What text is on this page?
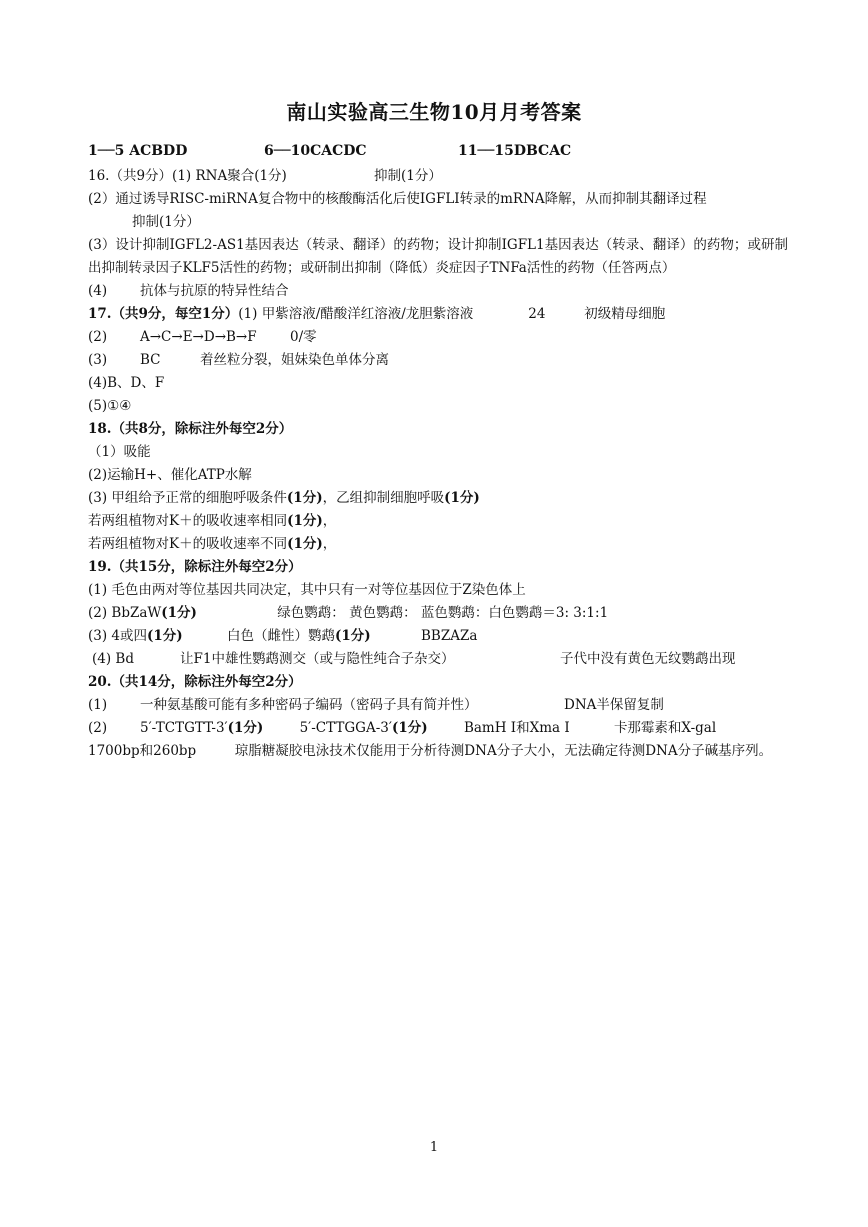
南山实验高三生物10月月考答案
1──5 ACBDD	6──10CACDC	11──15DBCAC
16.（共9分）(1) RNA聚合(1分)	抑制(1分）
(2）通过诱导RISC-miRNA复合物中的核酸酶活化后使IGFLI转录的mRNA降解，从而抑制其翻译过程
抑制(1分）
(3）设计抑制IGFL2-AS1基因表达（转录、翻译）的药物；设计抑制IGFL1基因表达（转录、翻译）的药物；或研制出抑制转录因子KLF5活性的药物；或研制出抑制（降低）炎症因子TNFa活性的药物（任答两点）
(4) 抗体与抗原的特异性结合
17.（共9分，每空1分）(1) 甲紫溶液/醋酸洋红溶液/龙胆紫溶液	24	初级精母细胞
(2) A→C→E→D→B→F 0/零
(3) BC	着丝粒分裂，姐妹染色单体分离
(4)B、D、F
(5)①④
18.（共8分，除标注外每空2分）
（1）吸能
(2)运输H+、催化ATP水解
(3) 甲组给予正常的细胞呼吸条件(1分)，乙组抑制细胞呼吸(1分)
若两组植物对K＋的吸收速率相同(1分)，
若两组植物对K＋的吸收速率不同(1分)，
19.（共15分，除标注外每空2分）
(1) 毛色由两对等位基因共同决定，其中只有一对等位基因位于Z染色体上
(2) BbZaW(1分)	绿色鹦鹉： 黄色鹦鹉： 蓝色鹦鹉：白色鹦鹉＝3: 3:1:1
(3) 4或四(1分)	白色（雌性）鹦鹉(1分)	BBZAZa
(4) Bd	让F1中雄性鹦鹉测交（或与隐性纯合子杂交）	子代中没有黄色无纹鹦鹉出现
20.（共14分，除标注外每空2分）
(1) 一种氨基酸可能有多种密码子编码（密码子具有简并性）	DNA半保留复制
(2) 5′-TCTGTT-3′(1分)	5′-CTTGGA-3′(1分)	BamH I和Xma I	卡那霉素和X-gal
1700bp和260bp         琼脂糖凝胶电泳技术仅能用于分析待测DNA分子大小，无法确定待测DNA分子碱基序列。
1
